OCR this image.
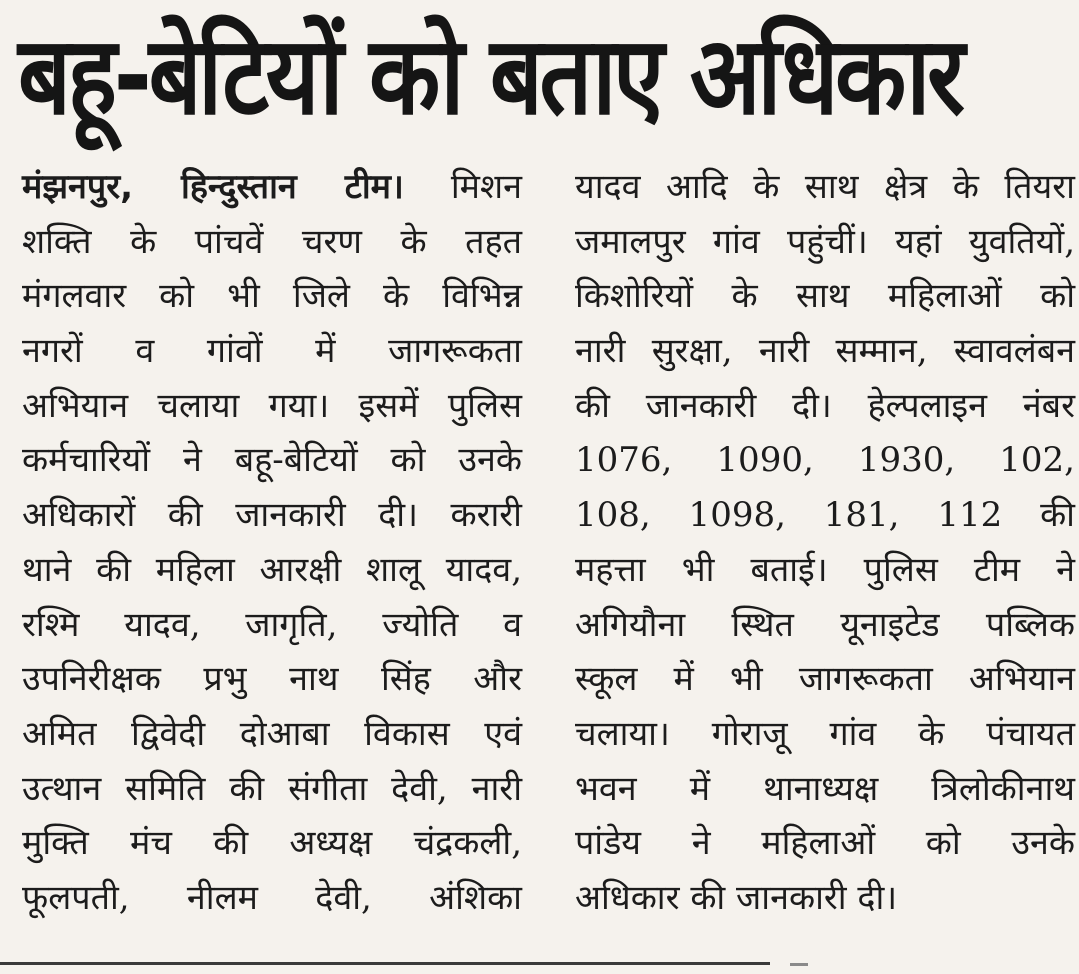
बहू-बेटियों को बताए अधिकार
मंझनपुर, हिन्दुस्तान टीम। मिशन
शक्ति के पांचवें चरण के तहत
मंगलवार को भी जिले के विभिन्न
नगरों व गांवों में जागरूकता
अभियान चलाया गया। इसमें पुलिस
कर्मचारियों ने बहू-बेटियों को उनके
अधिकारों की जानकारी दी। करारी
थाने की महिला आरक्षी शालू यादव,
रश्मि यादव, जागृति, ज्योति व
उपनिरीक्षक प्रभु नाथ सिंह और
अमित द्विवेदी दोआबा विकास एवं
उत्थान समिति की संगीता देवी, नारी
मुक्ति मंच की अध्यक्ष चंद्रकली,
फूलपती, नीलम देवी, अंशिका
यादव आदि के साथ क्षेत्र के तियरा
जमालपुर गांव पहुंचीं। यहां युवतियों,
किशोरियों के साथ महिलाओं को
नारी सुरक्षा, नारी सम्मान, स्वावलंबन
की जानकारी दी। हेल्पलाइन नंबर
1076, 1090, 1930, 102,
108, 1098, 181, 112 की
महत्ता भी बताई। पुलिस टीम ने
अगियौना स्थित यूनाइटेड पब्लिक
स्कूल में भी जागरूकता अभियान
चलाया। गोराजू गांव के पंचायत
भवन में थानाध्यक्ष त्रिलोकीनाथ
पांडेय ने महिलाओं को उनके
अधिकार की जानकारी दी।
